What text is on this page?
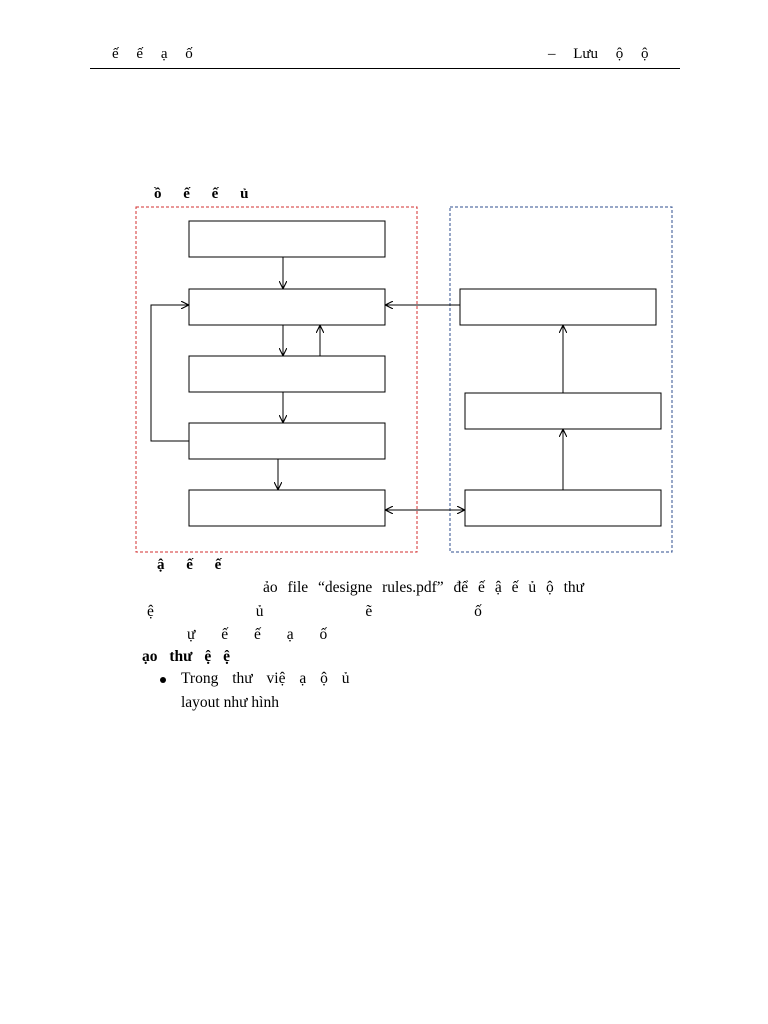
ế ế ạ ố	– Lưu ộ ộ
ồ ế ế ủ
ậ ế ế
ảo file “designe rules.pdf” để ế ậ ế ủ ộ thư
ệ ủ ẽ ố
ự ế ế ạ ố
ạo thư ệ ệ
Trong thư việ ạ ộ ủ
layout như hình
